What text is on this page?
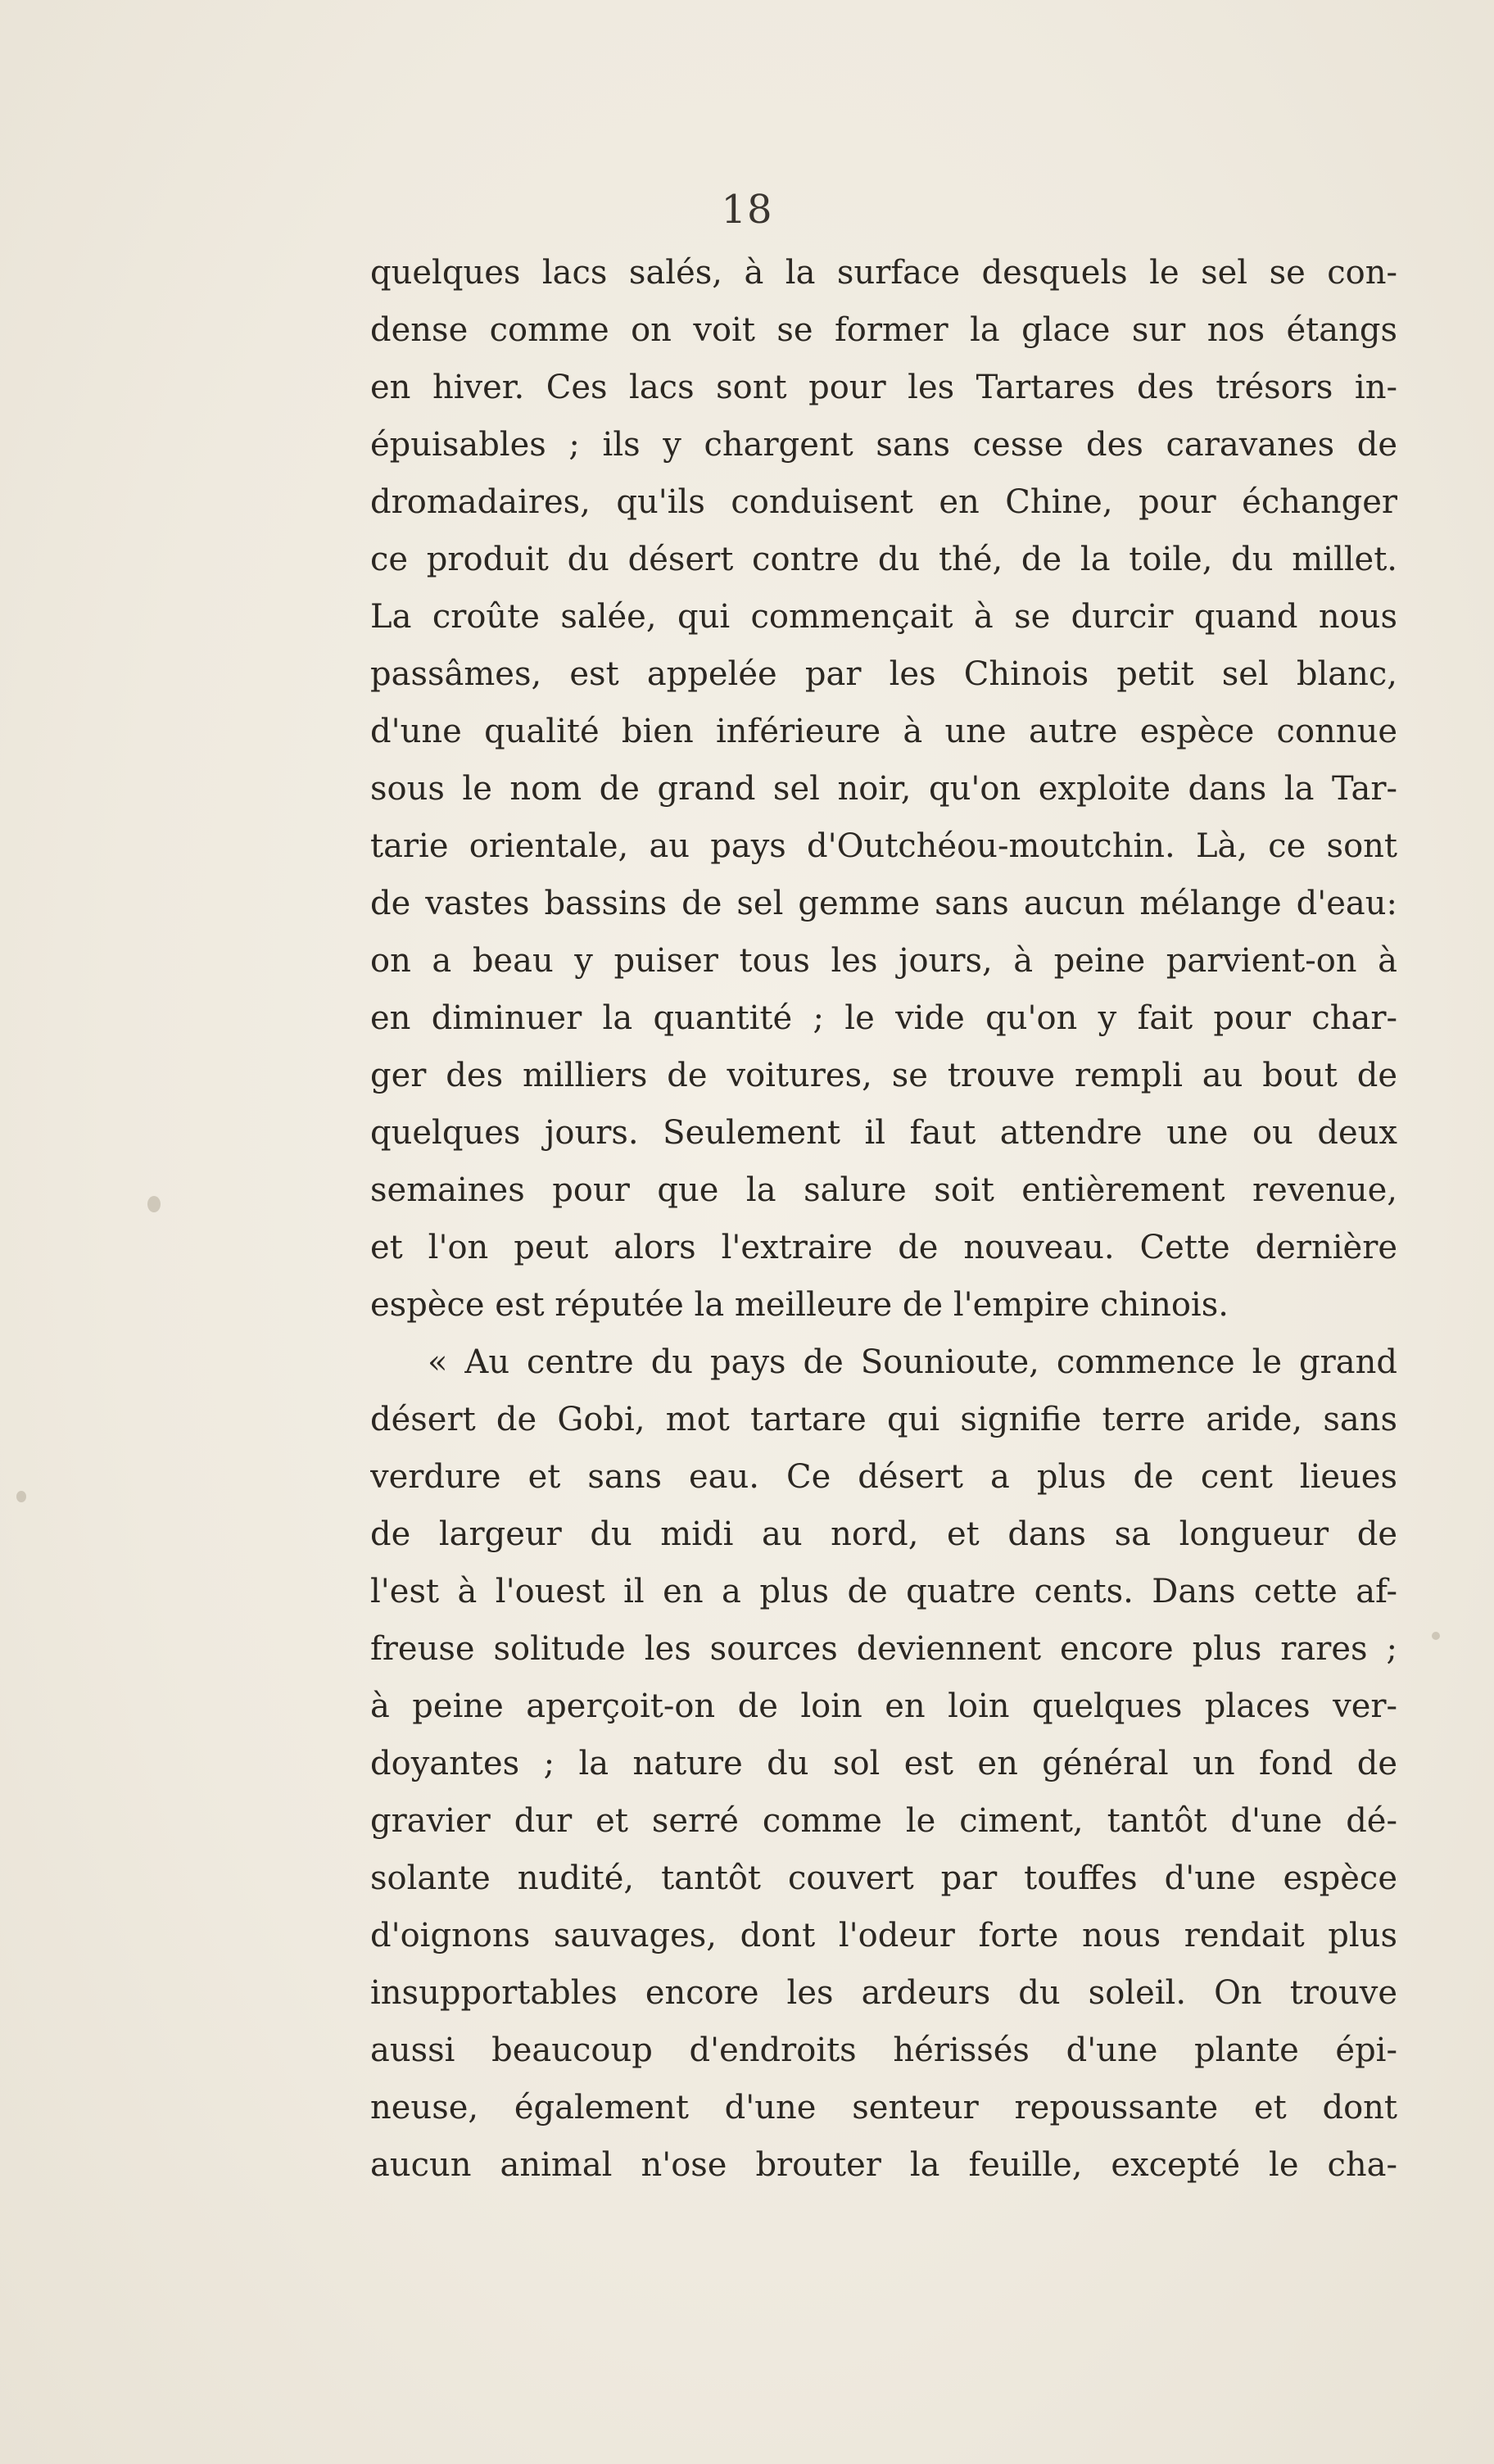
18
quelques lacs salés, à la surface desquels le sel se con-
dense comme on voit se former la glace sur nos étangs
en hiver. Ces lacs sont pour les Tartares des trésors in-
épuisables ; ils y chargent sans cesse des caravanes de
dromadaires, qu'ils conduisent en Chine, pour échanger
ce produit du désert contre du thé, de la toile, du millet.
La croûte salée, qui commençait à se durcir quand nous
passâmes, est appelée par les Chinois petit sel blanc,
d'une qualité bien inférieure à une autre espèce connue
sous le nom de grand sel noir, qu'on exploite dans la Tar-
tarie orientale, au pays d'Outchéou-moutchin. Là, ce sont
de vastes bassins de sel gemme sans aucun mélange d'eau:
on a beau y puiser tous les jours, à peine parvient-on à
en diminuer la quantité ; le vide qu'on y fait pour char-
ger des milliers de voitures, se trouve rempli au bout de
quelques jours. Seulement il faut attendre une ou deux
semaines pour que la salure soit entièrement revenue,
et l'on peut alors l'extraire de nouveau. Cette dernière
espèce est réputée la meilleure de l'empire chinois.
« Au centre du pays de Sounioute, commence le grand
désert de Gobi, mot tartare qui signifie terre aride, sans
verdure et sans eau. Ce désert a plus de cent lieues
de largeur du midi au nord, et dans sa longueur de
l'est à l'ouest il en a plus de quatre cents. Dans cette af-
freuse solitude les sources deviennent encore plus rares ;
à peine aperçoit-on de loin en loin quelques places ver-
doyantes ; la nature du sol est en général un fond de
gravier dur et serré comme le ciment, tantôt d'une dé-
solante nudité, tantôt couvert par touffes d'une espèce
d'oignons sauvages, dont l'odeur forte nous rendait plus
insupportables encore les ardeurs du soleil. On trouve
aussi beaucoup d'endroits hérissés d'une plante épi-
neuse, également d'une senteur repoussante et dont
aucun animal n'ose brouter la feuille, excepté le cha-
